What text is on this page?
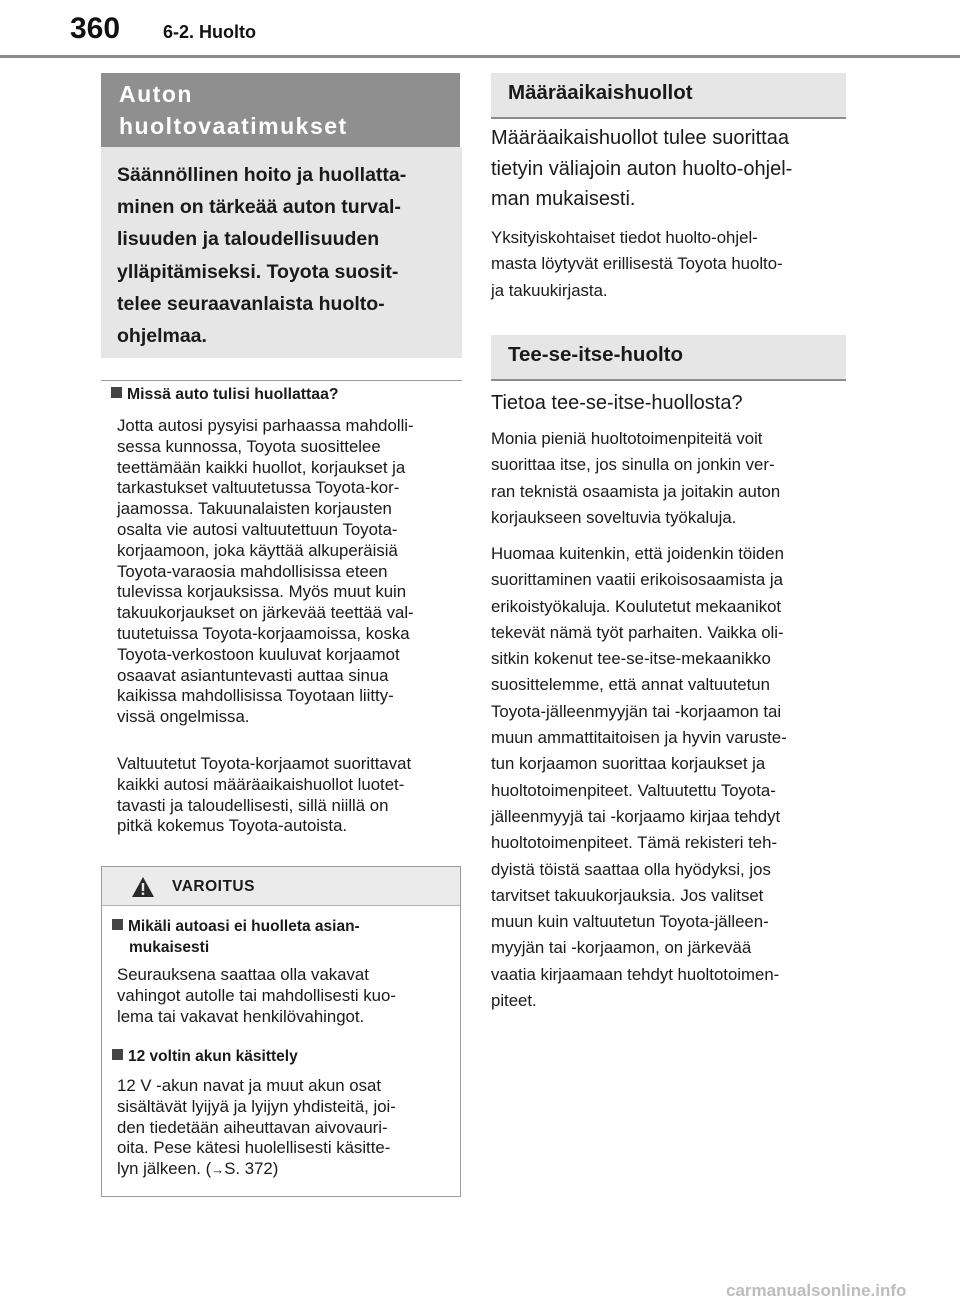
360 6-2. Huolto
Auton
huoltovaatimukset
Säännöllinen hoito ja huollatta-
minen on tärkeää auton turval-
lisuuden ja taloudellisuuden
ylläpitämiseksi. Toyota suosit-
telee seuraavanlaista huolto-
ohjelmaa.
Missä auto tulisi huollattaa?
Jotta autosi pysyisi parhaassa mahdolli-
sessa kunnossa, Toyota suosittelee
teettämään kaikki huollot, korjaukset ja
tarkastukset valtuutetussa Toyota-kor-
jaamossa. Takuunalaisten korjausten
osalta vie autosi valtuutettuun Toyota-
korjaamoon, joka käyttää alkuperäisiä
Toyota-varaosia mahdollisissa eteen
tulevissa korjauksissa. Myös muut kuin
takuukorjaukset on järkevää teettää val-
tuutetuissa Toyota-korjaamoissa, koska
Toyota-verkostoon kuuluvat korjaamot
osaavat asiantuntevasti auttaa sinua
kaikissa mahdollisissa Toyotaan liitty-
vissä ongelmissa.
Valtuutetut Toyota-korjaamot suorittavat
kaikki autosi määräaikaishuollot luotet-
tavasti ja taloudellisesti, sillä niillä on
pitkä kokemus Toyota-autoista.
VAROITUS
Mikäli autoasi ei huolleta asian-
mukaisesti
Seurauksena saattaa olla vakavat
vahingot autolle tai mahdollisesti kuo-
lema tai vakavat henkilövahingot.
12 voltin akun käsittely
12 V -akun navat ja muut akun osat
sisältävät lyijyä ja lyijyn yhdisteitä, joi-
den tiedetään aiheuttavan aivovauri-
oita. Pese kätesi huolellisesti käsitte-
lyn jälkeen. (→S. 372)
Määräaikaishuollot
Määräaikaishuollot tulee suorittaa
tietyin väliajoin auton huolto-ohjel-
man mukaisesti.
Yksityiskohtaiset tiedot huolto-ohjel-
masta löytyvät erillisestä Toyota huolto-
ja takuukirjasta.
Tee-se-itse-huolto
Tietoa tee-se-itse-huollosta?
Monia pieniä huoltotoimenpiteitä voit
suorittaa itse, jos sinulla on jonkin ver-
ran teknistä osaamista ja joitakin auton
korjaukseen soveltuvia työkaluja.
Huomaa kuitenkin, että joidenkin töiden
suorittaminen vaatii erikoisosaamista ja
erikoistyökaluja. Koulutetut mekaanikot
tekevät nämä työt parhaiten. Vaikka oli-
sitkin kokenut tee-se-itse-mekaanikko
suosittelemme, että annat valtuutetun
Toyota-jälleenmyyjän tai -korjaamon tai
muun ammattitaitoisen ja hyvin varuste-
tun korjaamon suorittaa korjaukset ja
huoltotoimenpiteet. Valtuutettu Toyota-
jälleenmyyjä tai -korjaamo kirjaa tehdyt
huoltotoimenpiteet. Tämä rekisteri teh-
dyistä töistä saattaa olla hyödyksi, jos
tarvitset takuukorjauksia. Jos valitset
muun kuin valtuutetun Toyota-jälleen-
myyjän tai -korjaamon, on järkevää
vaatia kirjaamaan tehdyt huoltotoimen-
piteet.
carmanualsonline.info
